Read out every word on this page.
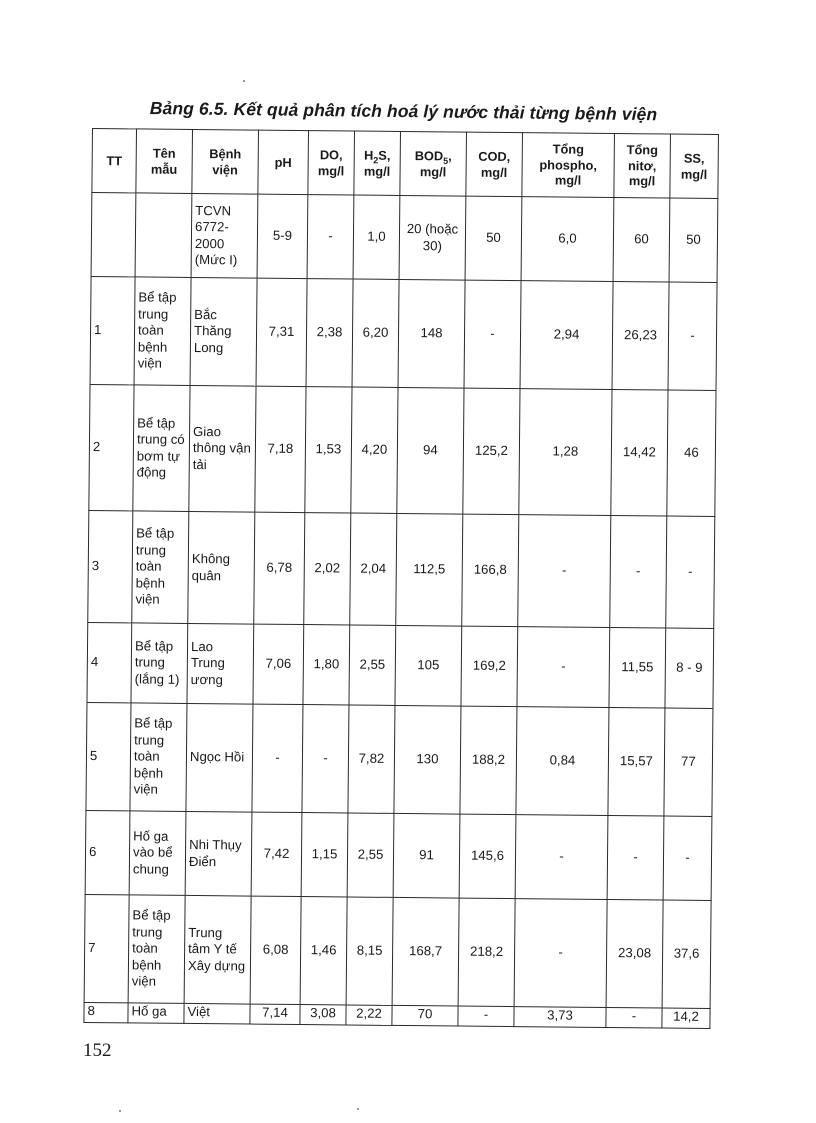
Bảng 6.5. Kết quả phân tích hoá lý nước thải từng bệnh viện
TT	Tên mẫu	Bệnh viện	pH	DO, mg/l	$H_2S$, mg/l	$BOD_5$, mg/l	COD, mg/l	Tổng phospho, mg/l	Tổng nitơ, mg/l	SS, mg/l
		TCVN 6772-2000 (Mức I)	5-9	-	1,0	20 (hoặc 30)	50	6,0	60	50
1	Bể tập trung toàn bệnh viện	Bắc Thăng Long	7,31	2,38	6,20	148	-	2,94	26,23	-
2	Bể tập trung có bơm tự động	Giao thông vận tải	7,18	1,53	4,20	94	125,2	1,28	14,42	46
3	Bể tập trung toàn bệnh viện	Không quân	6,78	2,02	2,04	112,5	166,8	-	-	-
4	Bể tập trung (lắng 1)	Lao Trung ương	7,06	1,80	2,55	105	169,2	-	11,55	8 - 9
5	Bể tập trung toàn bệnh viện	Ngọc Hồi	-	-	7,82	130	188,2	0,84	15,57	77
6	Hố ga vào bể chung	Nhi Thụy Điển	7,42	1,15	2,55	91	145,6	-	-	-
7	Bể tập trung toàn bệnh viện	Trung tâm Y tế Xây dựng	6,08	1,46	8,15	168,7	218,2	-	23,08	37,6
8	Hố ga	Việt	7,14	3,08	2,22	70	-	3,73	-	14,2
152
